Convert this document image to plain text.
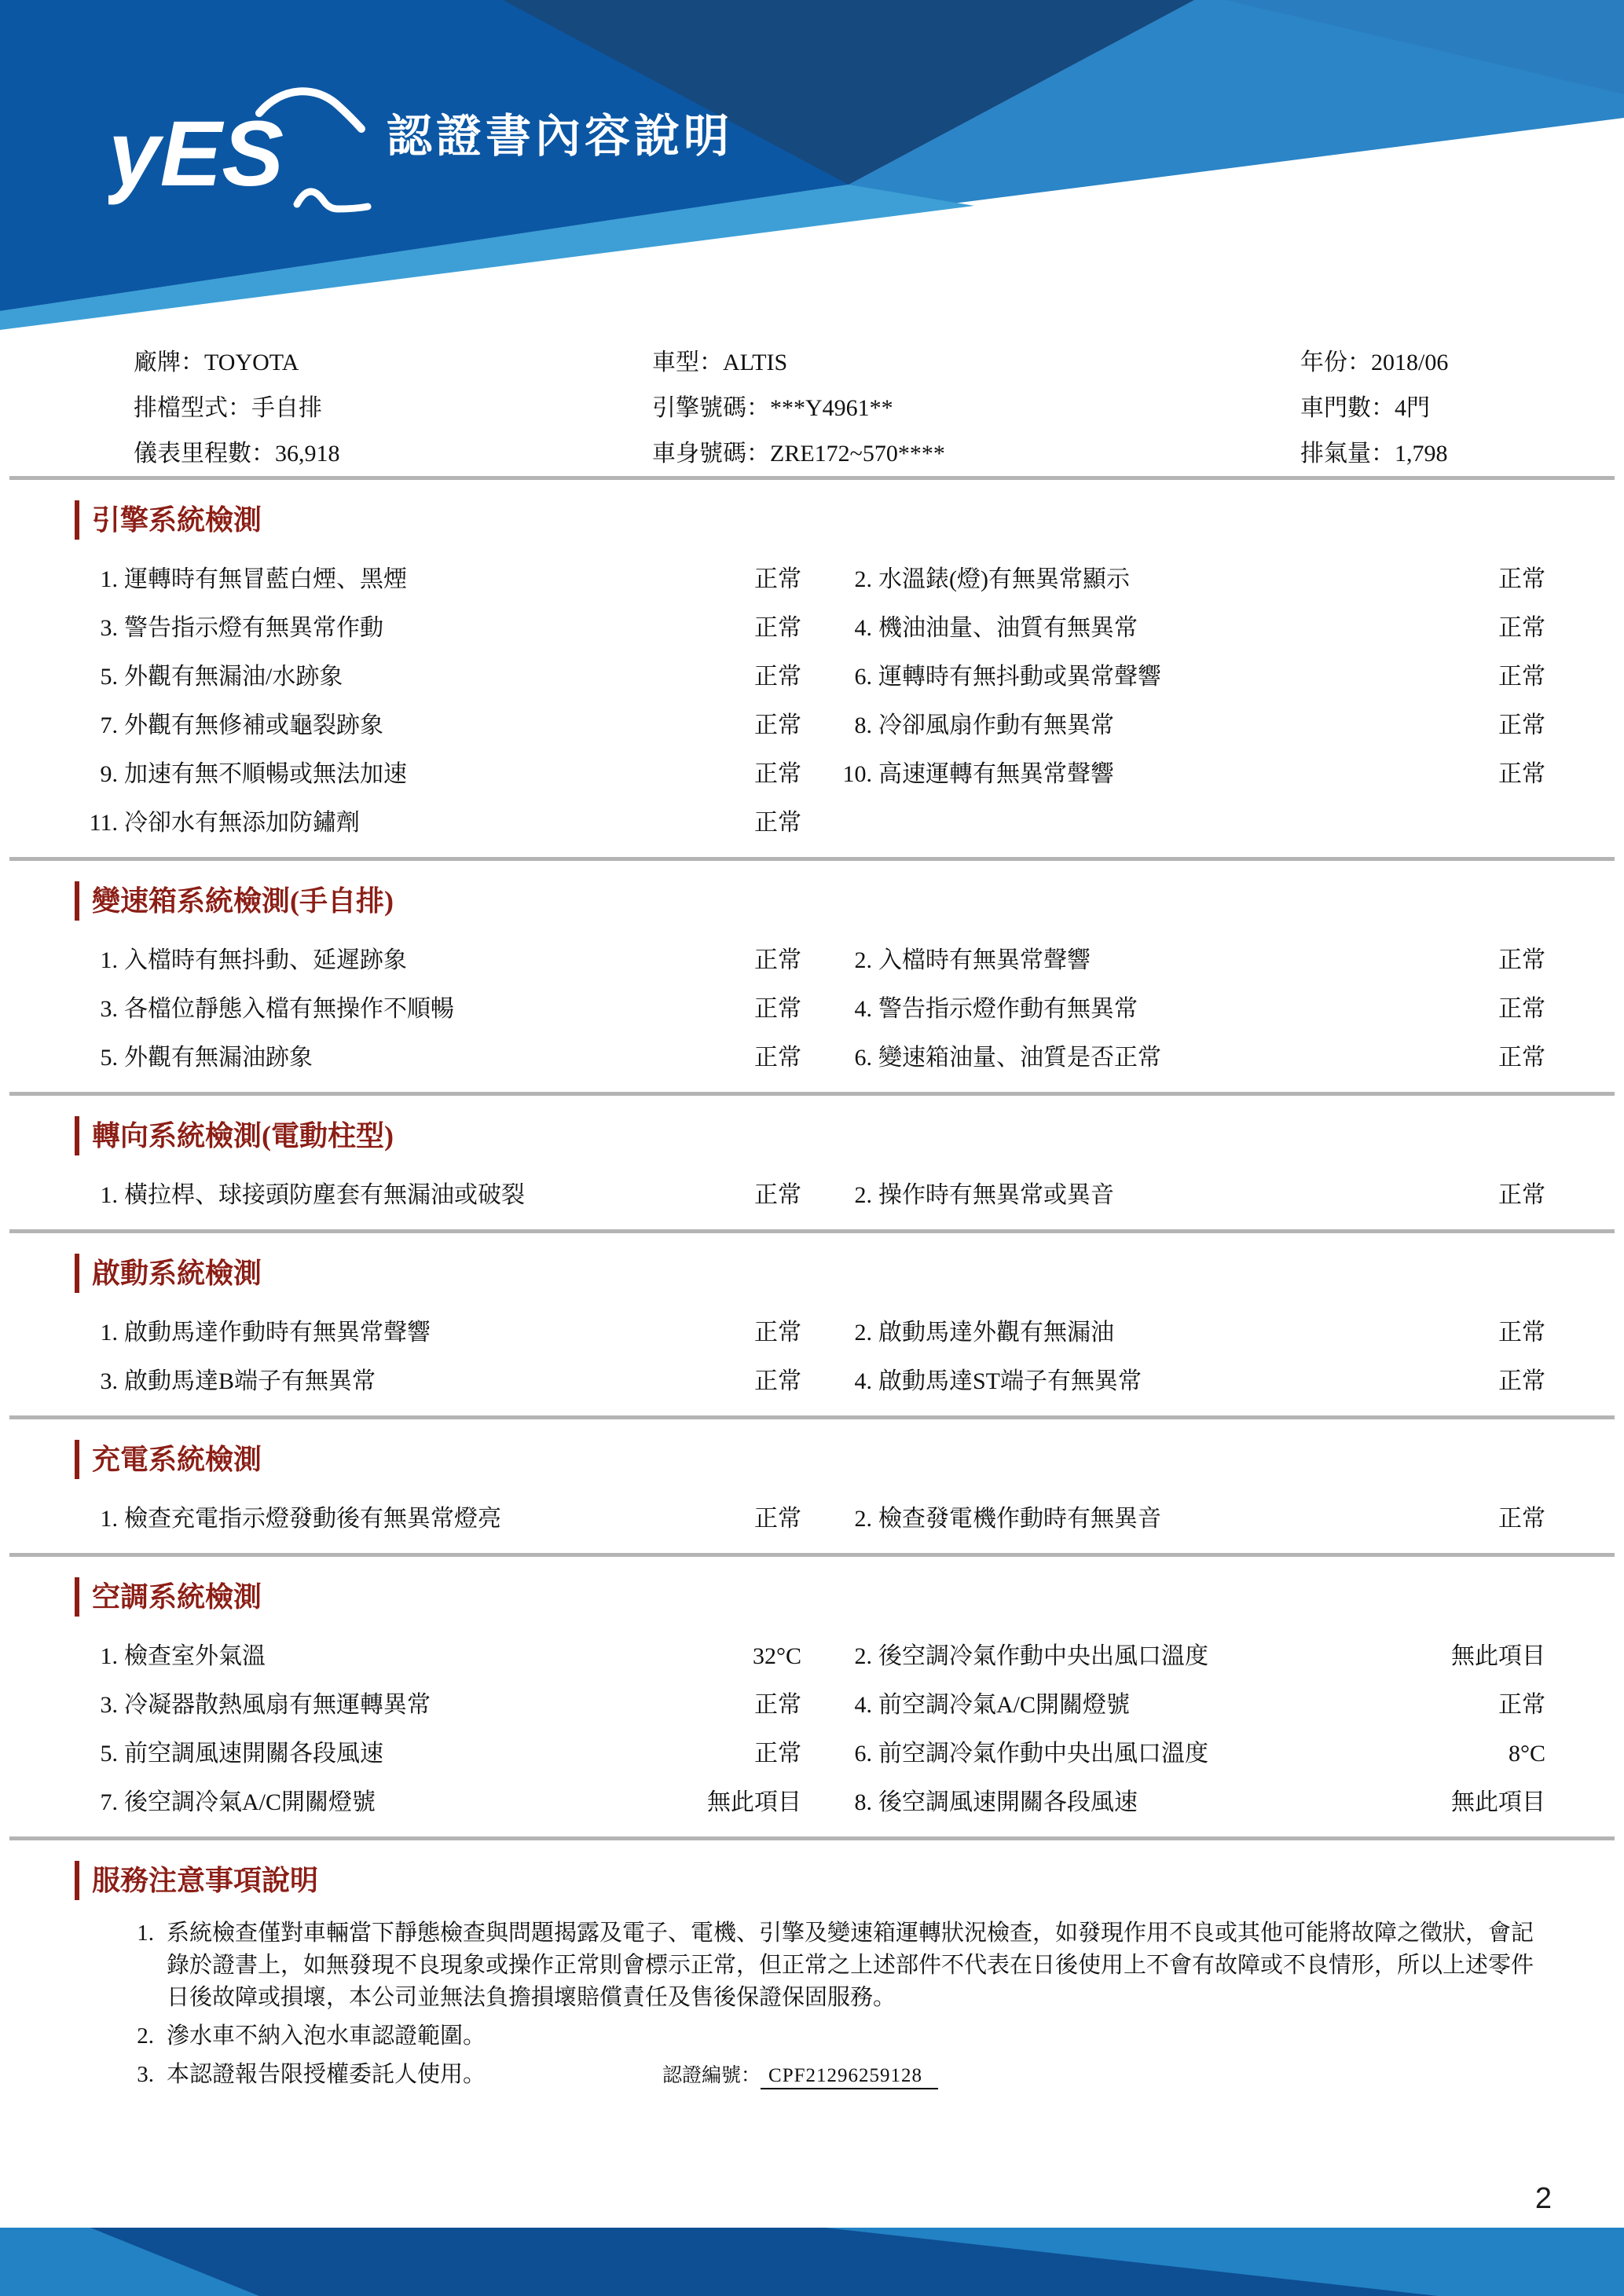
yES 認證書內容說明
廠牌：TOYOTA	車型：ALTIS	年份：2018/06
排檔型式：手自排	引擎號碼：***Y4961**	車門數：4門
儀表里程數：36,918	車身號碼：ZRE172~570****	排氣量：1,798
引擎系統檢測
1. 運轉時有無冒藍白煙、黑煙	正常	2. 水溫錶(燈)有無異常顯示	正常
3. 警告指示燈有無異常作動	正常	4. 機油油量、油質有無異常	正常
5. 外觀有無漏油/水跡象	正常	6. 運轉時有無抖動或異常聲響	正常
7. 外觀有無修補或龜裂跡象	正常	8. 冷卻風扇作動有無異常	正常
9. 加速有無不順暢或無法加速	正常	10. 高速運轉有無異常聲響	正常
11. 冷卻水有無添加防鏽劑	正常
變速箱系統檢測(手自排)
1. 入檔時有無抖動、延遲跡象	正常	2. 入檔時有無異常聲響	正常
3. 各檔位靜態入檔有無操作不順暢	正常	4. 警告指示燈作動有無異常	正常
5. 外觀有無漏油跡象	正常	6. 變速箱油量、油質是否正常	正常
轉向系統檢測(電動柱型)
1. 橫拉桿、球接頭防塵套有無漏油或破裂	正常	2. 操作時有無異常或異音	正常
啟動系統檢測
1. 啟動馬達作動時有無異常聲響	正常	2. 啟動馬達外觀有無漏油	正常
3. 啟動馬達B端子有無異常	正常	4. 啟動馬達ST端子有無異常	正常
充電系統檢測
1. 檢查充電指示燈發動後有無異常燈亮	正常	2. 檢查發電機作動時有無異音	正常
空調系統檢測
1. 檢查室外氣溫	32°C	2. 後空調冷氣作動中央出風口溫度	無此項目
3. 冷凝器散熱風扇有無運轉異常	正常	4. 前空調冷氣A/C開關燈號	正常
5. 前空調風速開關各段風速	正常	6. 前空調冷氣作動中央出風口溫度	8°C
7. 後空調冷氣A/C開關燈號	無此項目	8. 後空調風速開關各段風速	無此項目
服務注意事項說明
1. 系統檢查僅對車輛當下靜態檢查與問題揭露及電子、電機、引擎及變速箱運轉狀況檢查，如發現作用不良或其他可能將故障之徵狀，會記錄於證書上，如無發現不良現象或操作正常則會標示正常，但正常之上述部件不代表在日後使用上不會有故障或不良情形，所以上述零件日後故障或損壞，本公司並無法負擔損壞賠償責任及售後保證保固服務。
2. 滲水車不納入泡水車認證範圍。
3. 本認證報告限授權委託人使用。	認證編號： CPF21296259128
2
